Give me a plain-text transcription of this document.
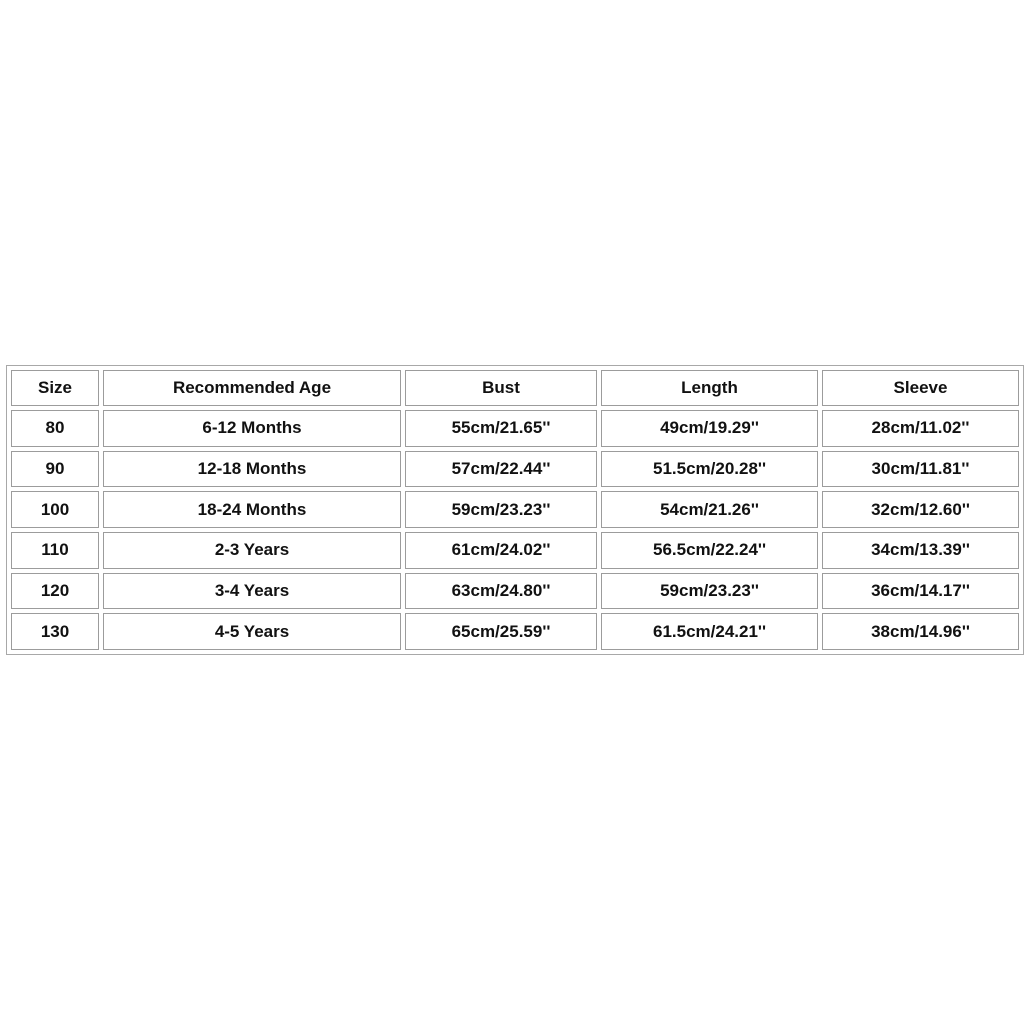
Size	Recommended Age	Bust	Length	Sleeve
80	6-12 Months	55cm/21.65''	49cm/19.29''	28cm/11.02''
90	12-18 Months	57cm/22.44''	51.5cm/20.28''	30cm/11.81''
100	18-24 Months	59cm/23.23''	54cm/21.26''	32cm/12.60''
110	2-3 Years	61cm/24.02''	56.5cm/22.24''	34cm/13.39''
120	3-4 Years	63cm/24.80''	59cm/23.23''	36cm/14.17''
130	4-5 Years	65cm/25.59''	61.5cm/24.21''	38cm/14.96''
